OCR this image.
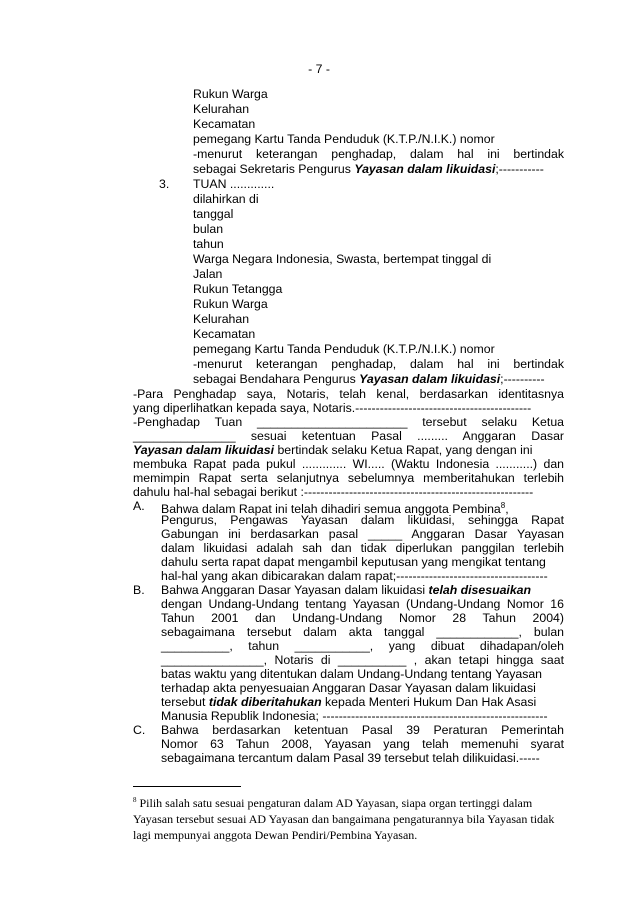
- 7 -
Rukun Warga
Kelurahan
Kecamatan
pemegang Kartu Tanda Penduduk (K.T.P./N.I.K.) nomor
-menurut keterangan penghadap, dalam hal ini bertindak
sebagai Sekretaris Pengurus Yayasan dalam likuidasi;-----------
3. TUAN .............
dilahirkan di
tanggal
bulan
tahun
Warga Negara Indonesia, Swasta, bertempat tinggal di
Jalan
Rukun Tetangga
Rukun Warga
Kelurahan
Kecamatan
pemegang Kartu Tanda Penduduk (K.T.P./N.I.K.) nomor
-menurut keterangan penghadap, dalam hal ini bertindak
sebagai Bendahara Pengurus Yayasan dalam likuidasi;----------
-Para Penghadap saya, Notaris, telah kenal, berdasarkan identitasnya
yang diperlihatkan kepada saya, Notaris.-------------------------------------------
-Penghadap Tuan ______________________ tersebut selaku Ketua
_______________ sesuai ketentuan Pasal ......... Anggaran Dasar
Yayasan dalam likuidasi bertindak selaku Ketua Rapat, yang dengan ini
membuka Rapat pada pukul ............. WI..... (Waktu Indonesia ...........) dan
memimpin Rapat serta selanjutnya sebelumnya memberitahukan terlebih
dahulu hal-hal sebagai berikut :--------------------------------------------------------
A. Bahwa dalam Rapat ini telah dihadiri semua anggota Pembina$^8$,
Pengurus, Pengawas Yayasan dalam likuidasi, sehingga Rapat
Gabungan ini berdasarkan pasal _____ Anggaran Dasar Yayasan
dalam likuidasi adalah sah dan tidak diperlukan panggilan terlebih
dahulu serta rapat dapat mengambil keputusan yang mengikat tentang
hal-hal yang akan dibicarakan dalam rapat;-------------------------------------
B. Bahwa Anggaran Dasar Yayasan dalam likuidasi telah disesuaikan
dengan Undang-Undang tentang Yayasan (Undang-Undang Nomor 16
Tahun 2001 dan Undang-Undang Nomor 28 Tahun 2004)
sebagaimana tersebut dalam akta tanggal ____________, bulan
__________, tahun ___________, yang dibuat dihadapan/oleh
_______________, Notaris di __________ , akan tetapi hingga saat
batas waktu yang ditentukan dalam Undang-Undang tentang Yayasan
terhadap akta penyesuaian Anggaran Dasar Yayasan dalam likuidasi
tersebut tidak diberitahukan kepada Menteri Hukum Dan Hak Asasi
Manusia Republik Indonesia; -------------------------------------------------------
C.
$^8$ Pilih salah satu sesuai pengaturan dalam AD Yayasan, siapa organ tertinggi dalam Yayasan tersebut sesuai AD Yayasan dan bangaimana pengaturannya bila Yayasan tidak lagi mempunyai anggota Dewan Pendiri/Pembina Yayasan.
Bahwa berdasarkan ketentuan Pasal 39 Peraturan Pemerintah
Nomor 63 Tahun 2008, Yayasan yang telah memenuhi syarat
sebagaimana tercantum dalam Pasal 39 tersebut telah dilikuidasi.-----
